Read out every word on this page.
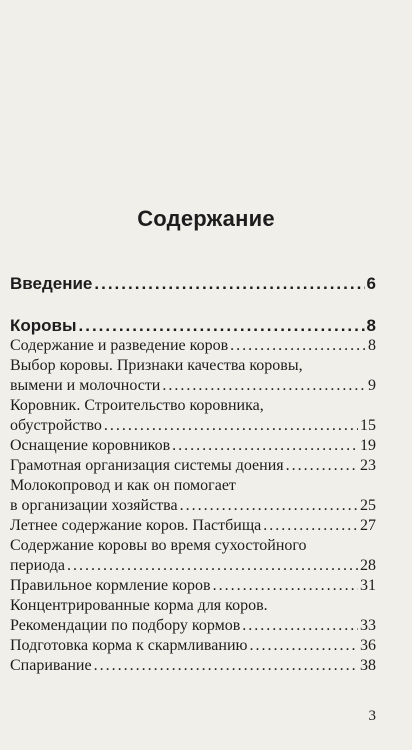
Содержание
Введение .....	6
Коровы .....	8
Содержание и разведение коров .....	8
Выбор коровы. Признаки качества коровы,
вымени и молочности .....	9
Коровник. Строительство коровника,
обустройство .....	15
Оснащение коровников .....	19
Грамотная организация системы доения .....	23
Молокопровод и как он помогает
в организации хозяйства .....	25
Летнее содержание коров. Пастбища .....	27
Содержание коровы во время сухостойного
периода .....	28
Правильное кормление коров .....	31
Концентрированные корма для коров.
Рекомендации по подбору кормов .....	33
Подготовка корма к скармливанию .....	36
Спаривание .....	38
3
